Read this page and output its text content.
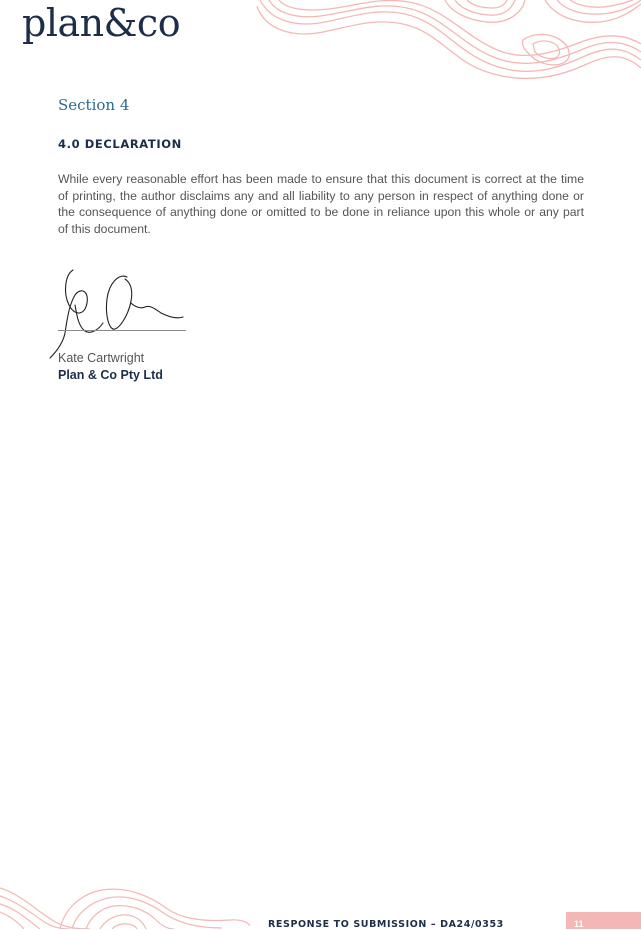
plan&co
Section 4
4.0 DECLARATION
While every reasonable effort has been made to ensure that this document is correct at the time of printing, the author disclaims any and all liability to any person in respect of anything done or the consequence of anything done or omitted to be done in reliance upon this whole or any part of this document.
Kate Cartwright
Plan & Co Pty Ltd
RESPONSE TO SUBMISSION – DA24/0353	11
